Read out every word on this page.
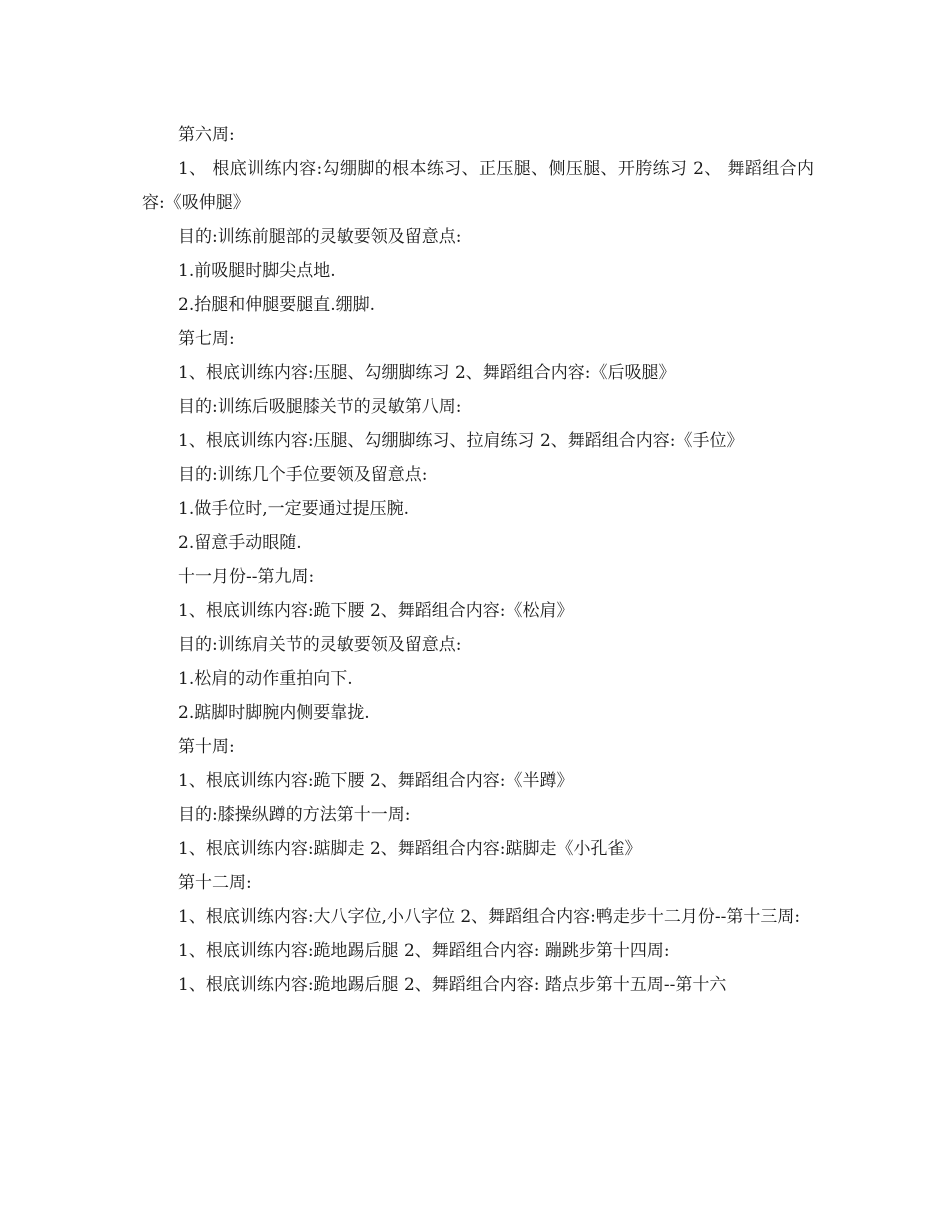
第六周:
1、 根底训练内容:勾绷脚的根本练习、正压腿、侧压腿、开胯练习 2、 舞蹈组合内容:《吸伸腿》
目的:训练前腿部的灵敏要领及留意点:
1.前吸腿时脚尖点地.
2.抬腿和伸腿要腿直.绷脚.
第七周:
1、根底训练内容:压腿、勾绷脚练习 2、舞蹈组合内容:《后吸腿》
目的:训练后吸腿膝关节的灵敏第八周:
1、根底训练内容:压腿、勾绷脚练习、拉肩练习 2、舞蹈组合内容:《手位》
目的:训练几个手位要领及留意点:
1.做手位时,一定要通过提压腕.
2.留意手动眼随.
十一月份--第九周:
1、根底训练内容:跪下腰 2、舞蹈组合内容:《松肩》
目的:训练肩关节的灵敏要领及留意点:
1.松肩的动作重拍向下.
2.踮脚时脚腕内侧要靠拢.
第十周:
1、根底训练内容:跪下腰 2、舞蹈组合内容:《半蹲》
目的:膝操纵蹲的方法第十一周:
1、根底训练内容:踮脚走 2、舞蹈组合内容:踮脚走《小孔雀》
第十二周:
1、根底训练内容:大八字位,小八字位 2、舞蹈组合内容:鸭走步十二月份--第十三周:
1、根底训练内容:跪地踢后腿 2、舞蹈组合内容: 蹦跳步第十四周:
1、根底训练内容:跪地踢后腿 2、舞蹈组合内容: 踏点步第十五周--第十六
